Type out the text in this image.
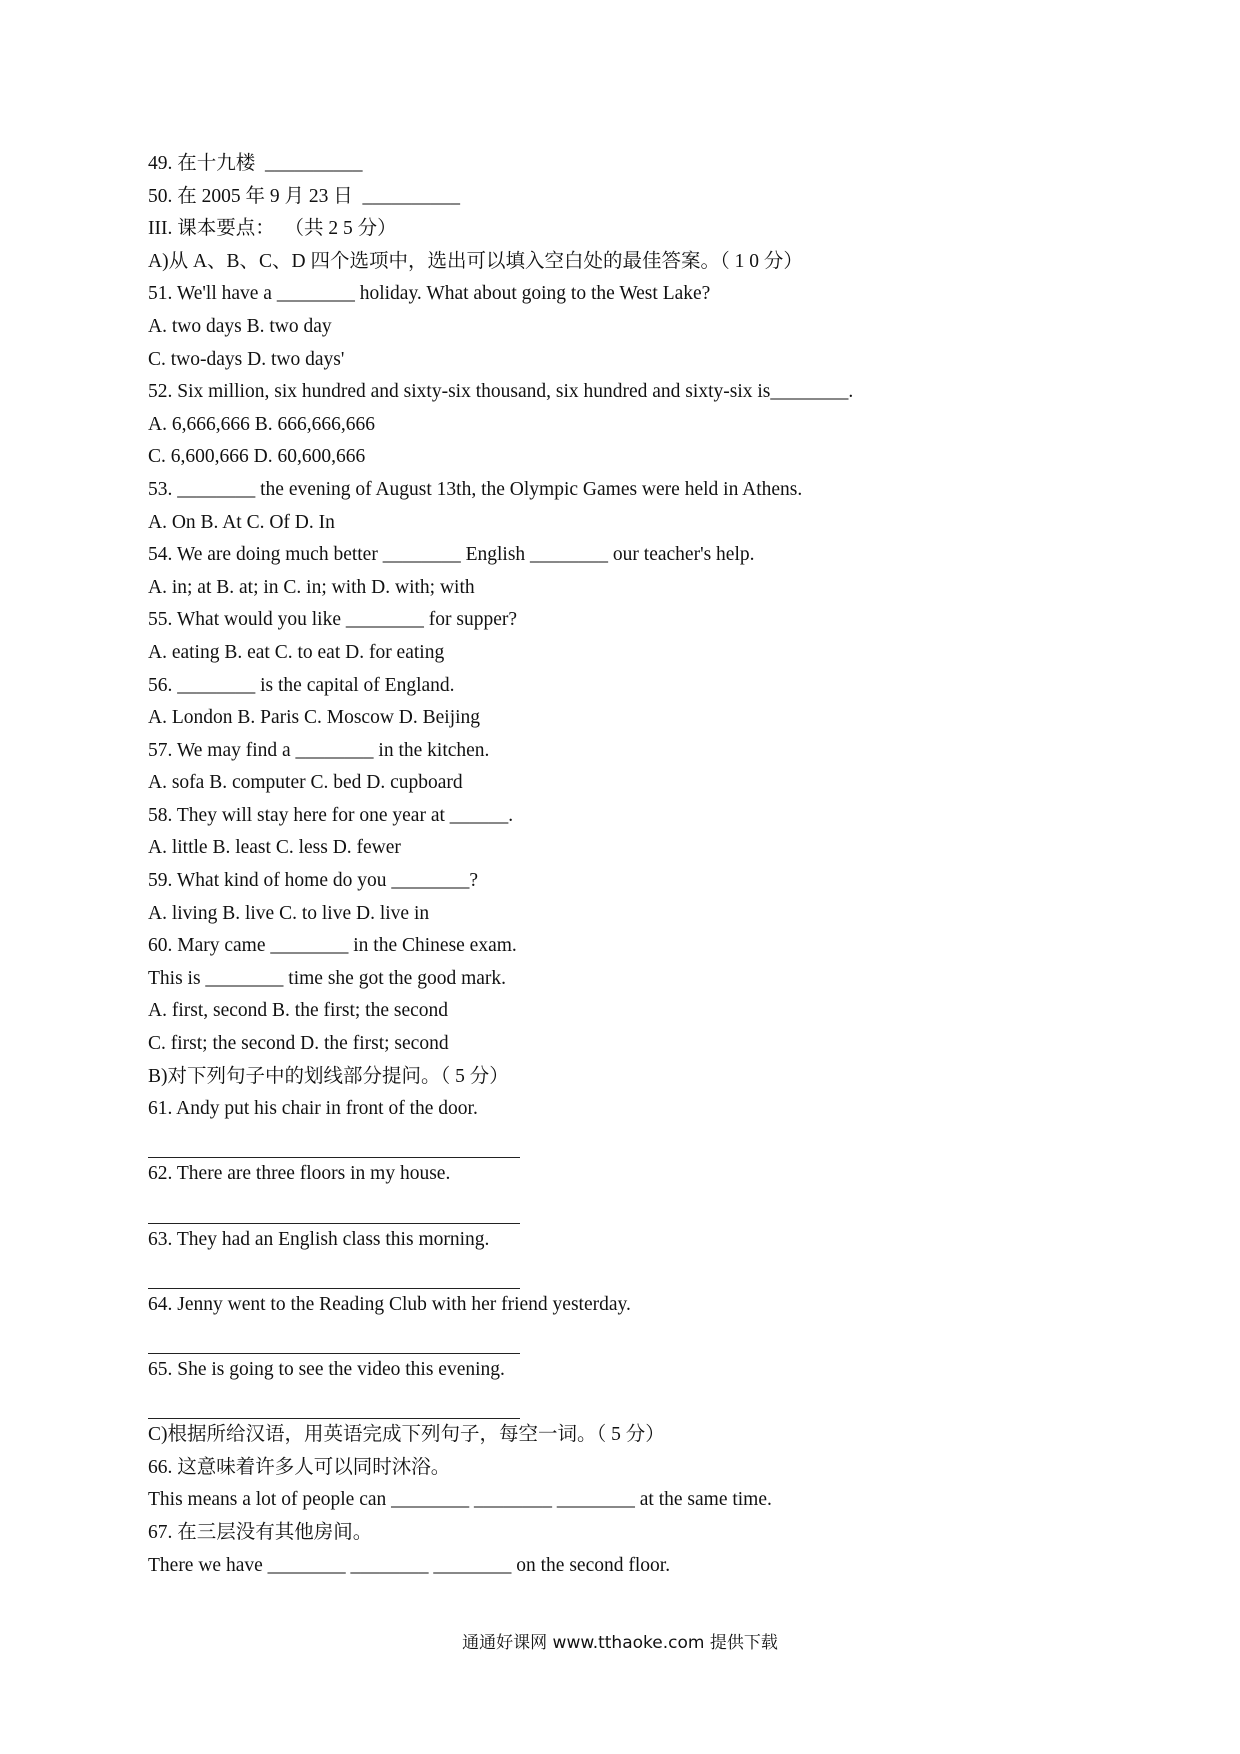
49. 在十九楼  __________
50. 在 2005 年 9 月 23 日  __________
III. 课本要点：  （共 2 5 分）
A)从 A、B、C、D 四个选项中，选出可以填入空白处的最佳答案。（ 1 0 分）
51. We'll have a ________ holiday. What about going to the West Lake?
A. two days B. two day
C. two-days D. two days'
52. Six million, six hundred and sixty-six thousand, six hundred and sixty-six is________.
A. 6,666,666 B. 666,666,666
C. 6,600,666 D. 60,600,666
53. ________ the evening of August 13th, the Olympic Games were held in Athens.
A. On B. At C. Of D. In
54. We are doing much better ________ English ________ our teacher's help.
A. in; at B. at; in C. in; with D. with; with
55. What would you like ________ for supper?
A. eating B. eat C. to eat D. for eating
56. ________ is the capital of England.
A. London B. Paris C. Moscow D. Beijing
57. We may find a ________ in the kitchen.
A. sofa B. computer C. bed D. cupboard
58. They will stay here for one year at ______.
A. little B. least C. less D. fewer
59. What kind of home do you ________?
A. living B. live C. to live D. live in
60. Mary came ________ in the Chinese exam.
This is ________ time she got the good mark.
A. first, second B. the first; the second
C. first; the second D. the first; second
B)对下列句子中的划线部分提问。（ 5 分）
61. Andy put his chair in front of the door.
62. There are three floors in my house.
63. They had an English class this morning.
64. Jenny went to the Reading Club with her friend yesterday.
65. She is going to see the video this evening.
C)根据所给汉语，用英语完成下列句子，每空一词。（ 5 分）
66. 这意味着许多人可以同时沐浴。
This means a lot of people can ________ ________ ________ at the same time.
67. 在三层没有其他房间。
There we have ________ ________ ________ on the second floor.
通通好课网 www.tthaoke.com 提供下载
